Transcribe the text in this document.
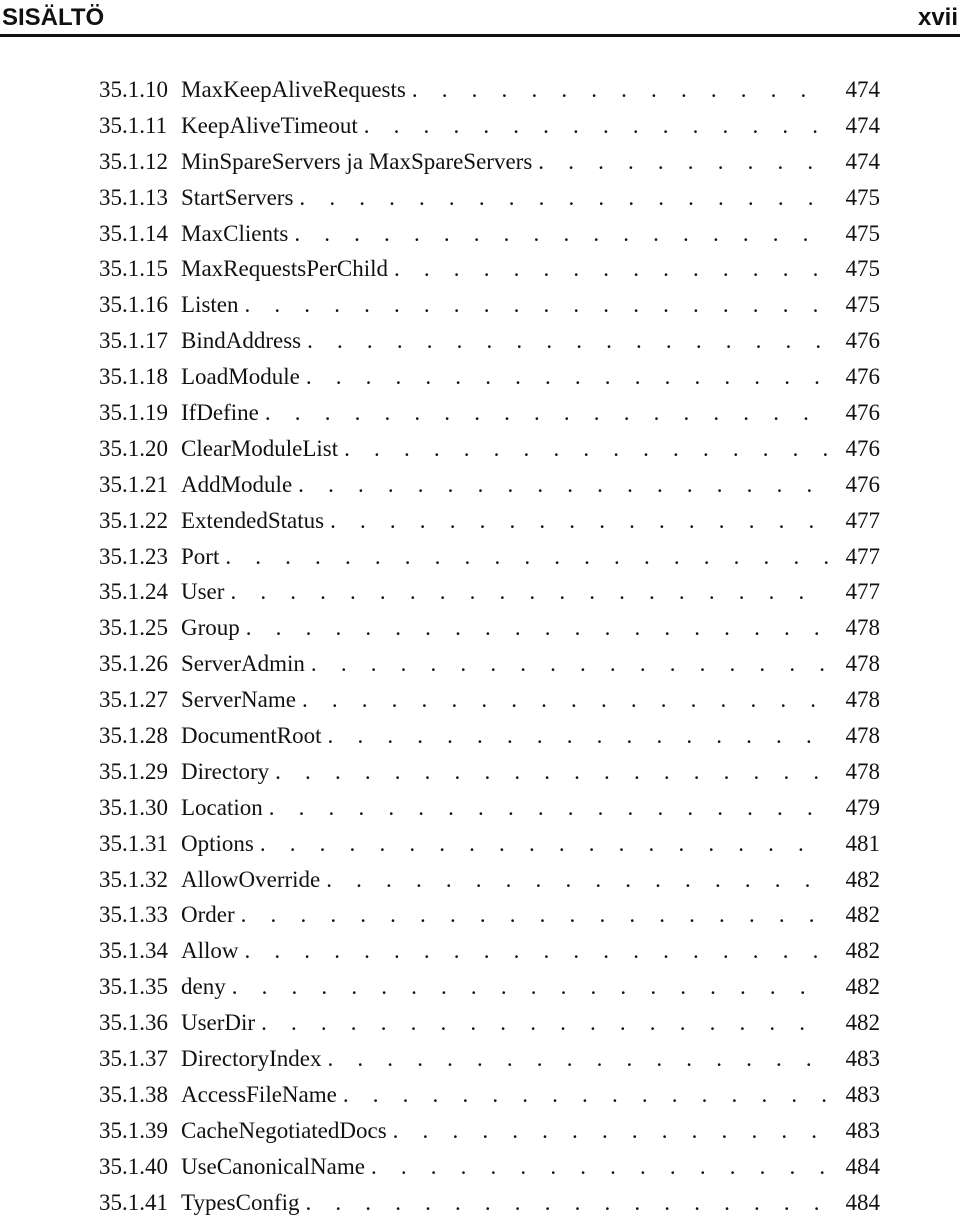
SISÄLTÖ	xvii
35.1.10 MaxKeepAliveRequests . . .	474
35.1.11 KeepAliveTimeout . . .	474
35.1.12 MinSpareServers ja MaxSpareServers . . .	474
35.1.13 StartServers . . .	475
35.1.14 MaxClients . . .	475
35.1.15 MaxRequestsPerChild . . .	475
35.1.16 Listen . . .	475
35.1.17 BindAddress . . .	476
35.1.18 LoadModule . . .	476
35.1.19 IfDefine . . .	476
35.1.20 ClearModuleList . . .	476
35.1.21 AddModule . . .	476
35.1.22 ExtendedStatus . . .	477
35.1.23 Port . . .	477
35.1.24 User . . .	477
35.1.25 Group . . .	478
35.1.26 ServerAdmin . . .	478
35.1.27 ServerName . . .	478
35.1.28 DocumentRoot . . .	478
35.1.29 Directory . . .	478
35.1.30 Location . . .	479
35.1.31 Options . . .	481
35.1.32 AllowOverride . . .	482
35.1.33 Order . . .	482
35.1.34 Allow . . .	482
35.1.35 deny . . .	482
35.1.36 UserDir . . .	482
35.1.37 DirectoryIndex . . .	483
35.1.38 AccessFileName . . .	483
35.1.39 CacheNegotiatedDocs . . .	483
35.1.40 UseCanonicalName . . .	484
35.1.41 TypesConfig . . .	484
